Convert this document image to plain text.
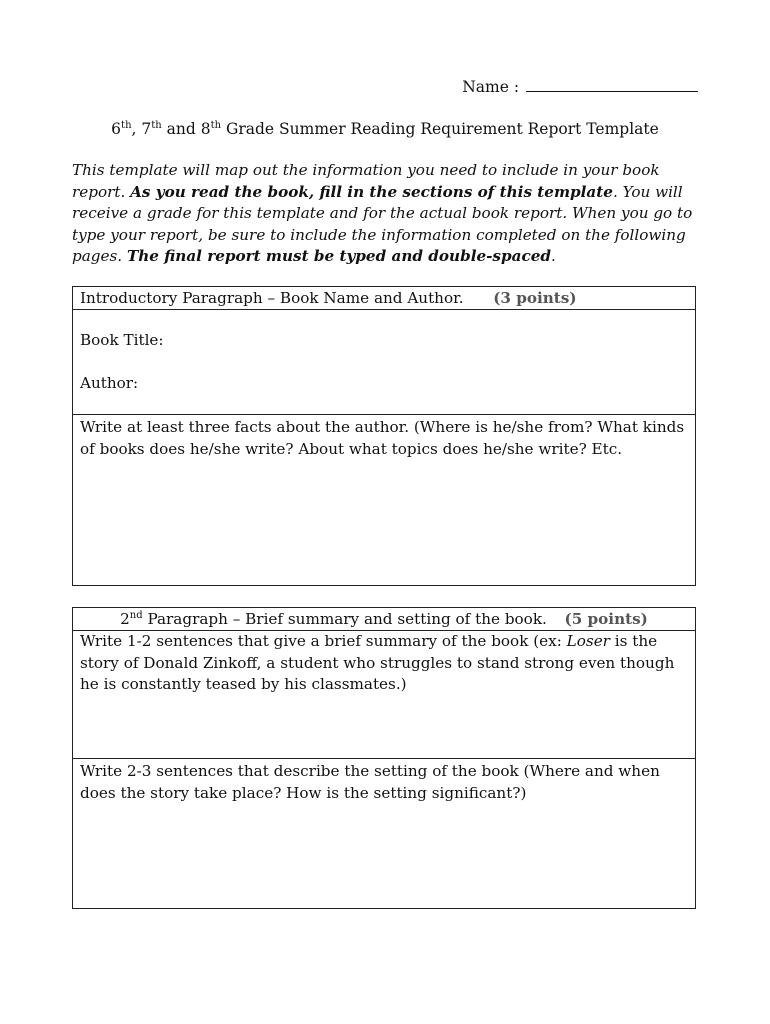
Name :
6th, 7th and 8th Grade Summer Reading Requirement Report Template
This template will map out the information you need to include in your book report. As you read the book, fill in the sections of this template. You will receive a grade for this template and for the actual book report. When you go to type your report, be sure to include the information completed on the following pages. The final report must be typed and double-spaced.
Introductory Paragraph – Book Name and Author. (3 points)
Book Title:
Author:
Write at least three facts about the author. (Where is he/she from? What kinds of books does he/she write? About what topics does he/she write? Etc.
2nd Paragraph – Brief summary and setting of the book. (5 points)
Write 1-2 sentences that give a brief summary of the book (ex: Loser is the story of Donald Zinkoff, a student who struggles to stand strong even though he is constantly teased by his classmates.)
Write 2-3 sentences that describe the setting of the book (Where and when does the story take place? How is the setting significant?)
